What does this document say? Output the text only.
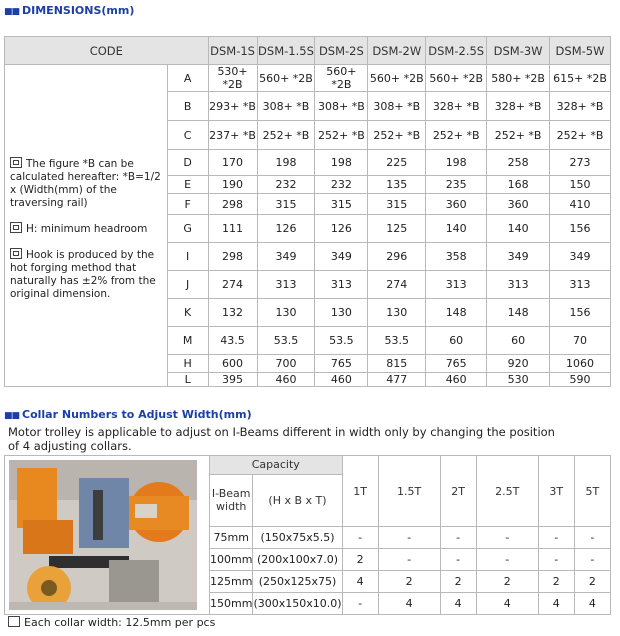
■■ DIMENSIONS(mm)
CODE		DSM-1S	DSM-1.5S	DSM-2S	DSM-2W	DSM-2.5S	DSM-3W	DSM-5W

The figure *B can be calculated hereafter: *B=1/2 x (Width(mm) of the traversing rail)

H: minimum headroom

Hook is produced by the hot forging method that naturally has ±2% from the original dimension.	A	530+ *2B	560+ *2B	560+ *2B	560+ *2B	560+ *2B	580+ *2B	615+ *2B
	B	293+ *B	308+ *B	308+ *B	308+ *B	328+ *B	328+ *B	328+ *B
	C	237+ *B	252+ *B	252+ *B	252+ *B	252+ *B	252+ *B	252+ *B
	D	170	198	198	225	198	258	273
	E	190	232	232	135	235	168	150
	F	298	315	315	315	360	360	410
	G	111	126	126	125	140	140	156
	I	298	349	349	296	358	349	349
	J	274	313	313	274	313	313	313
	K	132	130	130	130	148	148	156
	M	43.5	53.5	53.5	53.5	60	60	70
	H	600	700	765	815	765	920	1060
	L	395	460	460	477	460	530	590
■■ Collar Numbers to Adjust Width(mm)
Motor trolley is applicable to adjust on I-Beams different in width only by changing the position of 4 adjusting collars.
	Capacity		1T	1.5T	2T	2.5T	3T	5T
	I-Beam width	(H x B x T)						
	75mm	(150x75x5.5)	-	-	-	-	-	-
	100mm	(200x100x7.0)	2	-	-	-	-	-
	125mm	(250x125x75)	4	2	2	2	2	2
	150mm	(300x150x10.0)	-	4	4	4	4	4
Each collar width: 12.5mm per pcs
